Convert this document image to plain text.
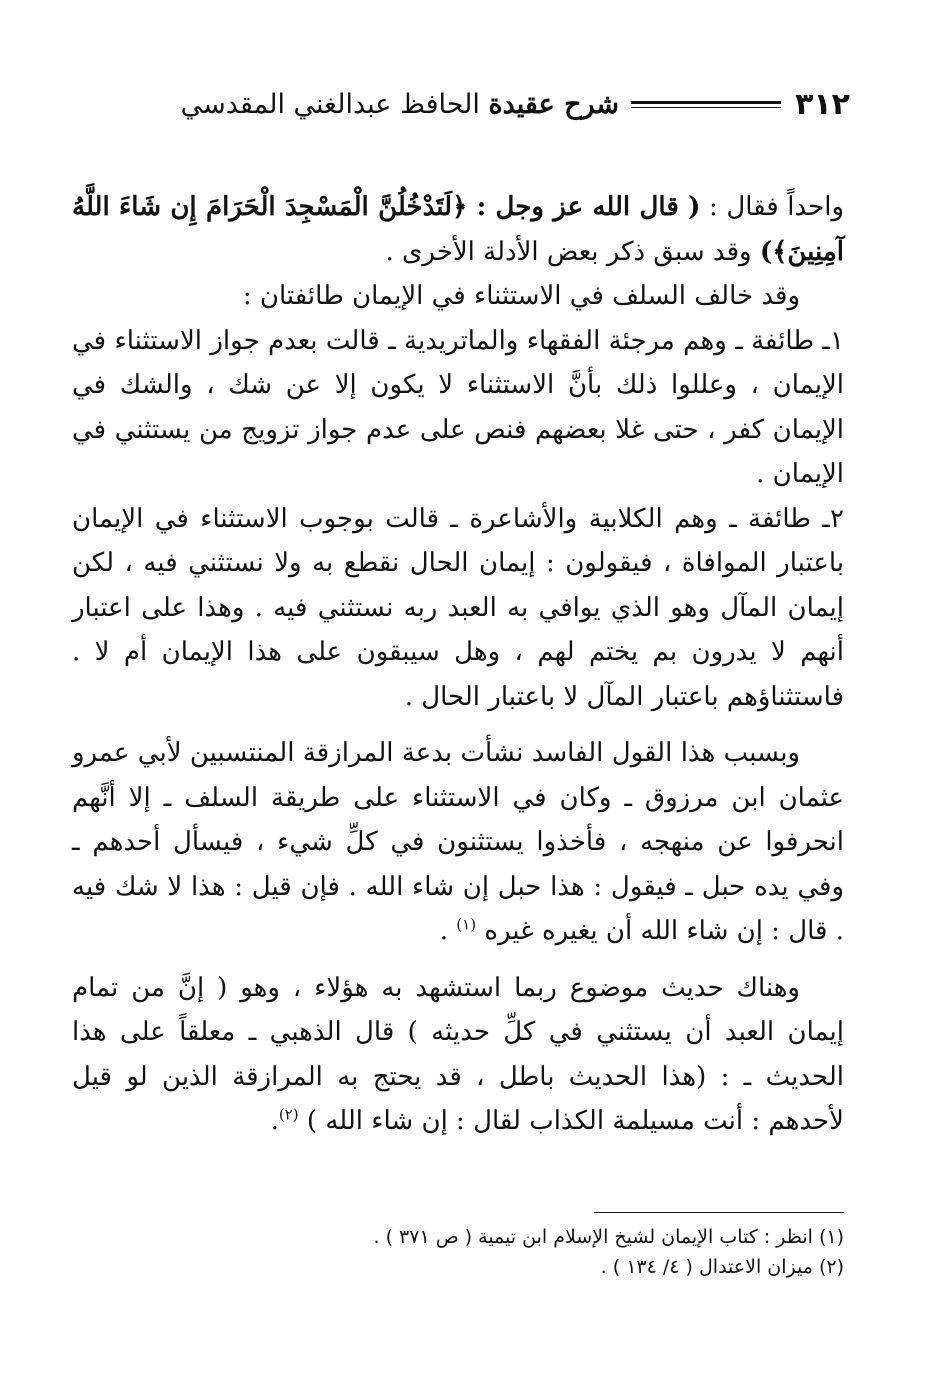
٣١٢
شرح عقيدة الحافظ عبدالغني المقدسي

واحداً فقال : ( قال الله عز وجل : ﴿لَتَدْخُلُنَّ الْمَسْجِدَ الْحَرَامَ إِن شَاءَ اللَّهُ آمِنِينَ﴾) وقد سبق ذكر بعض الأدلة الأخرى .

وقد خالف السلف في الاستثناء في الإيمان طائفتان :

١ـ طائفة ـ وهم مرجئة الفقهاء والماتريدية ـ قالت بعدم جواز الاستثناء في الإيمان ، وعللوا ذلك بأنَّ الاستثناء لا يكون إلا عن شك ، والشك في الإيمان كفر ، حتى غلا بعضهم فنص على عدم جواز تزويج من يستثني في الإيمان .

٢ـ طائفة ـ وهم الكلابية والأشاعرة ـ قالت بوجوب الاستثناء في الإيمان باعتبار الموافاة ، فيقولون : إيمان الحال نقطع به ولا نستثني فيه ، لكن إيمان المآل وهو الذي يوافي به العبد ربه نستثني فيه . وهذا على اعتبار أنهم لا يدرون بم يختم لهم ، وهل سيبقون على هذا الإيمان أم لا . فاستثناؤهم باعتبار المآل لا باعتبار الحال .

وبسبب هذا القول الفاسد نشأت بدعة المرازقة المنتسبين لأبي عمرو عثمان ابن مرزوق ـ وكان في الاستثناء على طريقة السلف ـ إلا أنَّهم انحرفوا عن منهجه ، فأخذوا يستثنون في كلِّ شيء ، فيسأل أحدهم ـ وفي يده حبل ـ فيقول : هذا حبل إن شاء الله . فإن قيل : هذا لا شك فيه . قال : إن شاء الله أن يغيره غيره $^{(١)}$ .

وهناك حديث موضوع ربما استشهد به هؤلاء ، وهو ( إنَّ من تمام إيمان العبد أن يستثني في كلِّ حديثه ) قال الذهبي ـ معلقاً على هذا الحديث ـ : (هذا الحديث باطل ، قد يحتج به المرازقة الذين لو قيل لأحدهم : أنت مسيلمة الكذاب لقال : إن شاء الله ) $^{(٢)}$.

(١) انظر : كتاب الإيمان لشيخ الإسلام ابن تيمية ( ص ٣٧١ ) .
(٢) ميزان الاعتدال ( ٤/ ١٣٤ ) .
